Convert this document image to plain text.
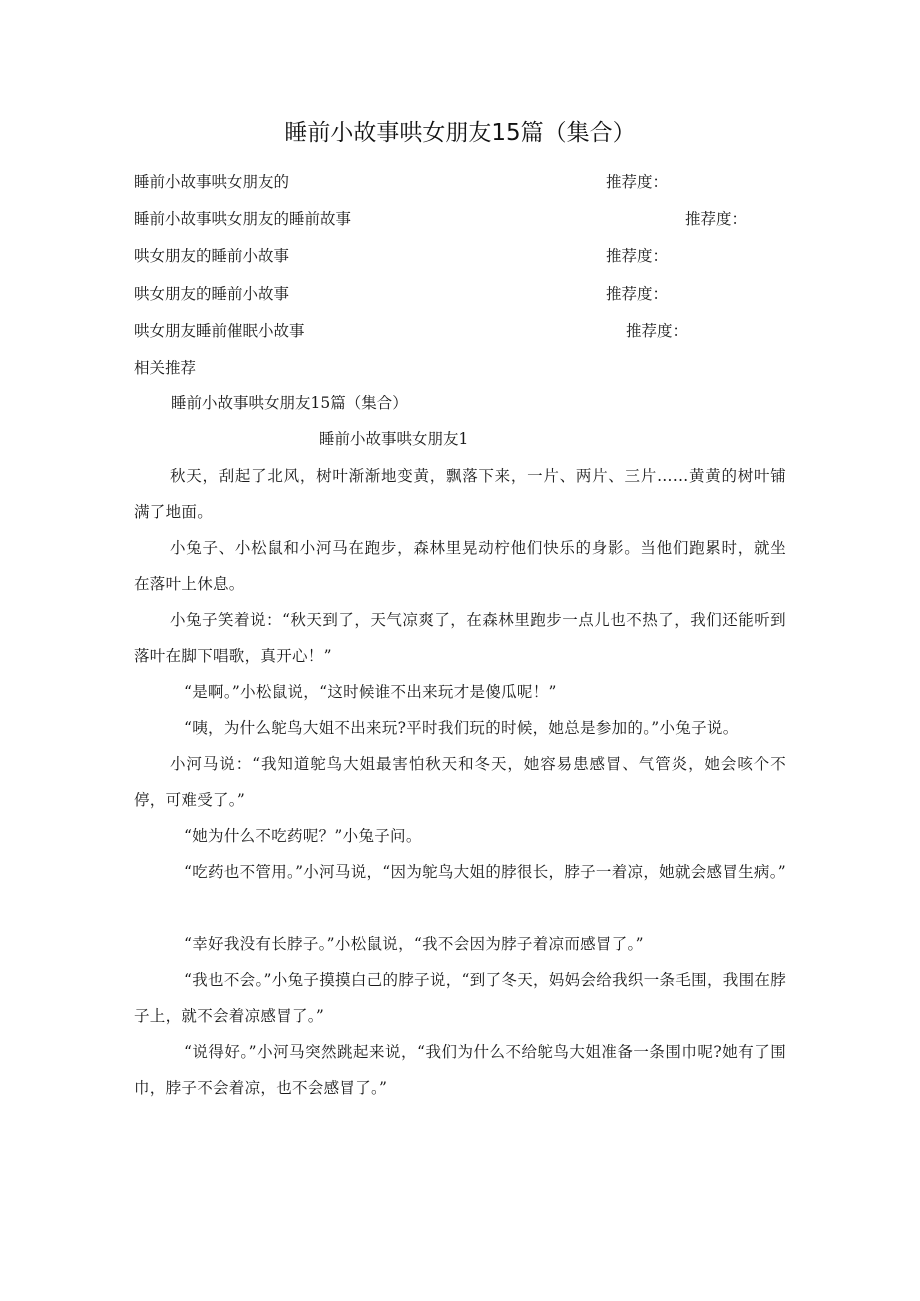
睡前小故事哄女朋友15篇（集合）
睡前小故事哄女朋友的	推荐度：
睡前小故事哄女朋友的睡前故事	推荐度：
哄女朋友的睡前小故事	推荐度：
哄女朋友的睡前小故事	推荐度：
哄女朋友睡前催眠小故事	推荐度：
相关推荐
睡前小故事哄女朋友15篇（集合）
睡前小故事哄女朋友1
秋天，刮起了北风，树叶渐渐地变黄，飘落下来，一片、两片、三片……黄黄的树叶铺满了地面。
小兔子、小松鼠和小河马在跑步，森林里晃动柠他们快乐的身影。当他们跑累时，就坐在落叶上休息。
小兔子笑着说：“秋天到了，天气凉爽了，在森林里跑步一点儿也不热了，我们还能听到落叶在脚下唱歌，真开心！”
“是啊。”小松鼠说，“这时候谁不出来玩才是傻瓜呢！”
“咦，为什么鸵鸟大姐不出来玩?平时我们玩的时候，她总是参加的。”小兔子说。
小河马说：“我知道鸵鸟大姐最害怕秋天和冬天，她容易患感冒、气管炎，她会咳个不停，可难受了。”
“她为什么不吃药呢？”小兔子问。
“吃药也不管用。”小河马说，“因为鸵鸟大姐的脖很长，脖子一着凉，她就会感冒生病。”
“幸好我没有长脖子。”小松鼠说，“我不会因为脖子着凉而感冒了。”
“我也不会。”小兔子摸摸白己的脖子说，“到了冬天，妈妈会给我织一条毛围，我围在脖子上，就不会着凉感冒了。”
“说得好。”小河马突然跳起来说，“我们为什么不给鸵鸟大姐准备一条围巾呢?她有了围巾，脖子不会着凉，也不会感冒了。”
